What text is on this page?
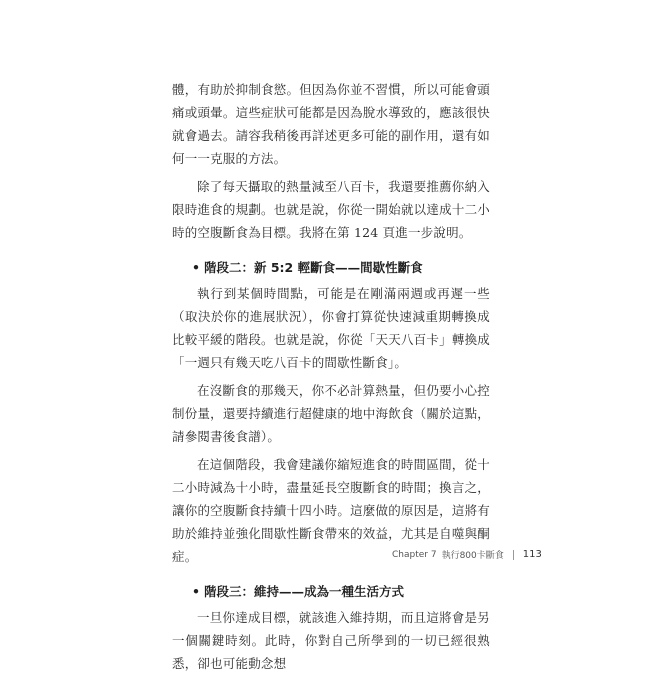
體，有助於抑制食慾。但因為你並不習慣，所以可能會頭痛或頭暈。這些症狀可能都是因為脫水導致的，應該很快就會過去。請容我稍後再詳述更多可能的副作用，還有如何一一克服的方法。

除了每天攝取的熱量減至八百卡，我還要推薦你納入限時進食的規劃。也就是說，你從一開始就以達成十二小時的空腹斷食為目標。我將在第 124 頁進一步說明。

• 階段二：新 5:2 輕斷食——間歇性斷食

執行到某個時間點，可能是在剛滿兩週或再遲一些（取決於你的進展狀況），你會打算從快速減重期轉換成比較平緩的階段。也就是說，你從「天天八百卡」轉換成「一週只有幾天吃八百卡的間歇性斷食」。

在沒斷食的那幾天，你不必計算熱量，但仍要小心控制份量，還要持續進行超健康的地中海飲食（關於這點，請參閱書後食譜）。

在這個階段，我會建議你縮短進食的時間區間，從十二小時減為十小時，盡量延長空腹斷食的時間；換言之，讓你的空腹斷食持續十四小時。這麼做的原因是，這將有助於維持並強化間歇性斷食帶來的效益，尤其是自噬與酮症。

• 階段三：維持——成為一種生活方式

一旦你達成目標，就該進入維持期，而且這將會是另一個關鍵時刻。此時，你對自己所學到的一切已經很熟悉，卻也可能動念想

Chapter 7 執行800卡斷食 113
